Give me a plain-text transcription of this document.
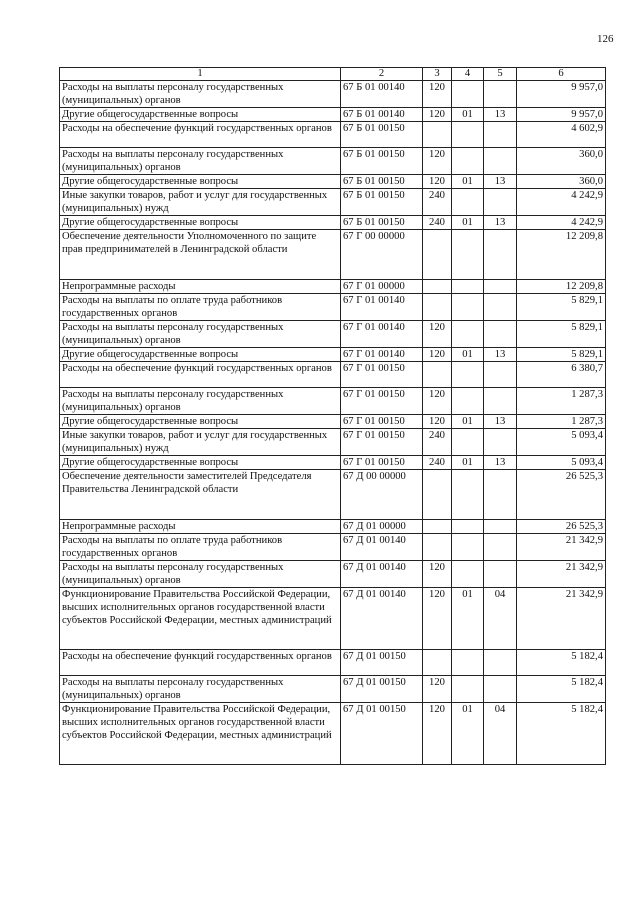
126
1	2	3	4	5	6
Расходы на выплаты персоналу государственных (муниципальных) органов	67 Б 01 00140	120			9 957,0
Другие общегосударственные вопросы	67 Б 01 00140	120	01	13	9 957,0
Расходы на обеспечение функций государственных органов	67 Б 01 00150				4 602,9
Расходы на выплаты персоналу государственных (муниципальных) органов	67 Б 01 00150	120			360,0
Другие общегосударственные вопросы	67 Б 01 00150	120	01	13	360,0
Иные закупки товаров, работ и услуг для государственных (муниципальных) нужд	67 Б 01 00150	240			4 242,9
Другие общегосударственные вопросы	67 Б 01 00150	240	01	13	4 242,9
Обеспечение деятельности Уполномоченного по защите прав предпринимателей в Ленинградской области	67 Г 00 00000				12 209,8
Непрограммные расходы	67 Г 01 00000				12 209,8
Расходы на выплаты по оплате труда работников государственных органов	67 Г 01 00140				5 829,1
Расходы на выплаты персоналу государственных (муниципальных) органов	67 Г 01 00140	120			5 829,1
Другие общегосударственные вопросы	67 Г 01 00140	120	01	13	5 829,1
Расходы на обеспечение функций государственных органов	67 Г 01 00150				6 380,7
Расходы на выплаты персоналу государственных (муниципальных) органов	67 Г 01 00150	120			1 287,3
Другие общегосударственные вопросы	67 Г 01 00150	120	01	13	1 287,3
Иные закупки товаров, работ и услуг для государственных (муниципальных) нужд	67 Г 01 00150	240			5 093,4
Другие общегосударственные вопросы	67 Г 01 00150	240	01	13	5 093,4
Обеспечение деятельности заместителей Председателя Правительства Ленинградской области	67 Д 00 00000				26 525,3
Непрограммные расходы	67 Д 01 00000				26 525,3
Расходы на выплаты по оплате труда работников государственных органов	67 Д 01 00140				21 342,9
Расходы на выплаты персоналу государственных (муниципальных) органов	67 Д 01 00140	120			21 342,9
Функционирование Правительства Российской Федерации, высших исполнительных органов государственной власти субъектов Российской Федерации, местных администраций	67 Д 01 00140	120	01	04	21 342,9
Расходы на обеспечение функций государственных органов	67 Д 01 00150				5 182,4
Расходы на выплаты персоналу государственных (муниципальных) органов	67 Д 01 00150	120			5 182,4
Функционирование Правительства Российской Федерации, высших исполнительных органов государственной власти субъектов Российской Федерации, местных администраций	67 Д 01 00150	120	01	04	5 182,4
